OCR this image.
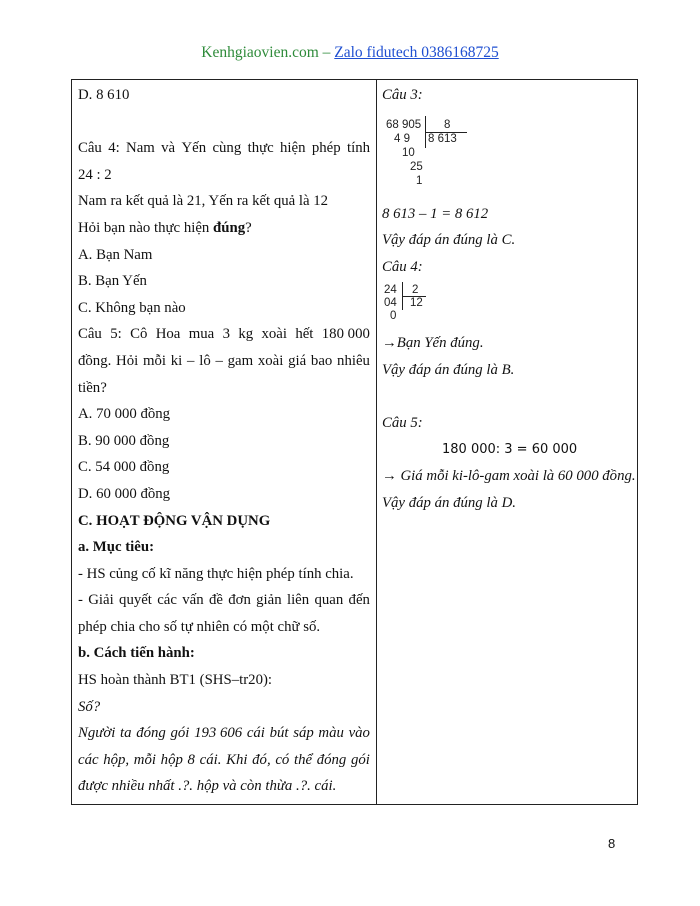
Kenhgiaovien.com – Zalo fidutech 0386168725
D. 8 610

Câu 4: Nam và Yến cùng thực hiện phép tính
24 : 2
Nam ra kết quả là 21, Yến ra kết quả là 12
Hỏi bạn nào thực hiện đúng?
A. Bạn Nam
B. Bạn Yến
C. Không bạn nào
Câu 5: Cô Hoa mua 3 kg xoài hết 180 000
đồng. Hỏi mỗi ki – lô – gam xoài giá bao nhiêu
tiền?
A. 70 000 đồng
B. 90 000 đồng
C. 54 000 đồng
D. 60 000 đồng
C. HOẠT ĐỘNG VẬN DỤNG
a. Mục tiêu:
- HS củng cố kĩ năng thực hiện phép tính chia.
- Giải quyết các vấn đề đơn giản liên quan đến
phép chia cho số tự nhiên có một chữ số.
b. Cách tiến hành:
HS hoàn thành BT1 (SHS–tr20):
Số?
Người ta đóng gói 193 606 cái bút sáp màu vào
các hộp, mỗi hộp 8 cái. Khi đó, có thể đóng gói
được nhiều nhất .?. hộp và còn thừa .?. cái.
Câu 3:
68 905 8
4 9 8 613
10
25
1
8 613 – 1 = 8 612
Vậy đáp án đúng là C.
Câu 4:
24 2
04 12
0
→Bạn Yến đúng.
Vậy đáp án đúng là B.

Câu 5:
180 000: 3 = 60 000
→ Giá mỗi ki-lô-gam xoài là 60 000 đồng.
Vậy đáp án đúng là D.
8
